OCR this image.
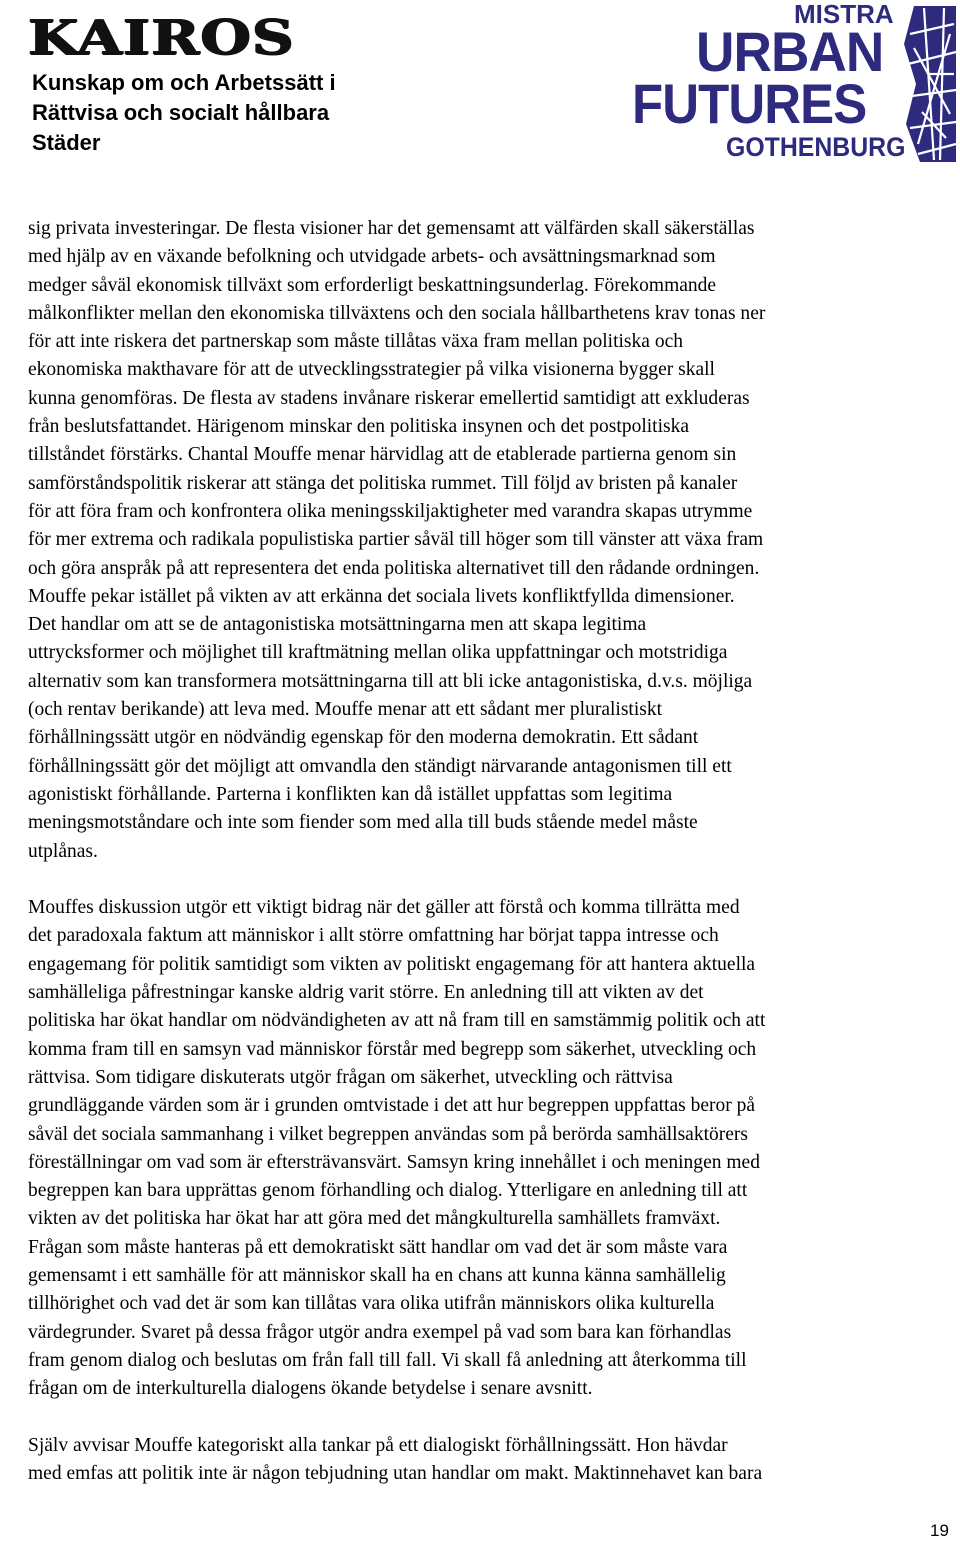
KAIROS
Kunskap om och Arbetssätt i
Rättvisa och socialt hållbara
Städer
MISTRA
URBAN
FUTURES
GOTHENBURG
sig privata investeringar. De flesta visioner har det gemensamt att välfärden skall säkerställas
med hjälp av en växande befolkning och utvidgade arbets- och avsättningsmarknad som
medger såväl ekonomisk tillväxt som erforderligt beskattningsunderlag. Förekommande
målkonflikter mellan den ekonomiska tillväxtens och den sociala hållbarthetens krav tonas ner
för att inte riskera det partnerskap som måste tillåtas växa fram mellan politiska och
ekonomiska makthavare för att de utvecklingsstrategier på vilka visionerna bygger skall
kunna genomföras. De flesta av stadens invånare riskerar emellertid samtidigt att exkluderas
från beslutsfattandet. Härigenom minskar den politiska insynen och det postpolitiska
tillståndet förstärks. Chantal Mouffe menar härvidlag att de etablerade partierna genom sin
samförståndspolitik riskerar att stänga det politiska rummet. Till följd av bristen på kanaler
för att föra fram och konfrontera olika meningsskiljaktigheter med varandra skapas utrymme
för mer extrema och radikala populistiska partier såväl till höger som till vänster att växa fram
och göra anspråk på att representera det enda politiska alternativet till den rådande ordningen.
Mouffe pekar istället på vikten av att erkänna det sociala livets konfliktfyllda dimensioner.
Det handlar om att se de antagonistiska motsättningarna men att skapa legitima
uttrycksformer och möjlighet till kraftmätning mellan olika uppfattningar och motstridiga
alternativ som kan transformera motsättningarna till att bli icke antagonistiska, d.v.s. möjliga
(och rentav berikande) att leva med. Mouffe menar att ett sådant mer pluralistiskt
förhållningssätt utgör en nödvändig egenskap för den moderna demokratin. Ett sådant
förhållningssätt gör det möjligt att omvandla den ständigt närvarande antagonismen till ett
agonistiskt förhållande. Parterna i konflikten kan då istället uppfattas som legitima
meningsmotståndare och inte som fiender som med alla till buds stående medel måste
utplånas.
Mouffes diskussion utgör ett viktigt bidrag när det gäller att förstå och komma tillrätta med
det paradoxala faktum att människor i allt större omfattning har börjat tappa intresse och
engagemang för politik samtidigt som vikten av politiskt engagemang för att hantera aktuella
samhälleliga påfrestningar kanske aldrig varit större. En anledning till att vikten av det
politiska har ökat handlar om nödvändigheten av att nå fram till en samstämmig politik och att
komma fram till en samsyn vad människor förstår med begrepp som säkerhet, utveckling och
rättvisa. Som tidigare diskuterats utgör frågan om säkerhet, utveckling och rättvisa
grundläggande värden som är i grunden omtvistade i det att hur begreppen uppfattas beror på
såväl det sociala sammanhang i vilket begreppen användas som på berörda samhällsaktörers
föreställningar om vad som är eftersträvansvärt. Samsyn kring innehållet i och meningen med
begreppen kan bara upprättas genom förhandling och dialog. Ytterligare en anledning till att
vikten av det politiska har ökat har att göra med det mångkulturella samhällets framväxt.
Frågan som måste hanteras på ett demokratiskt sätt handlar om vad det är som måste vara
gemensamt i ett samhälle för att människor skall ha en chans att kunna känna samhällelig
tillhörighet och vad det är som kan tillåtas vara olika utifrån människors olika kulturella
värdegrunder. Svaret på dessa frågor utgör andra exempel på vad som bara kan förhandlas
fram genom dialog och beslutas om från fall till fall. Vi skall få anledning att återkomma till
frågan om de interkulturella dialogens ökande betydelse i senare avsnitt.
Själv avvisar Mouffe kategoriskt alla tankar på ett dialogiskt förhållningssätt. Hon hävdar
med emfas att politik inte är någon tebjudning utan handlar om makt. Maktinnehavet kan bara
19
